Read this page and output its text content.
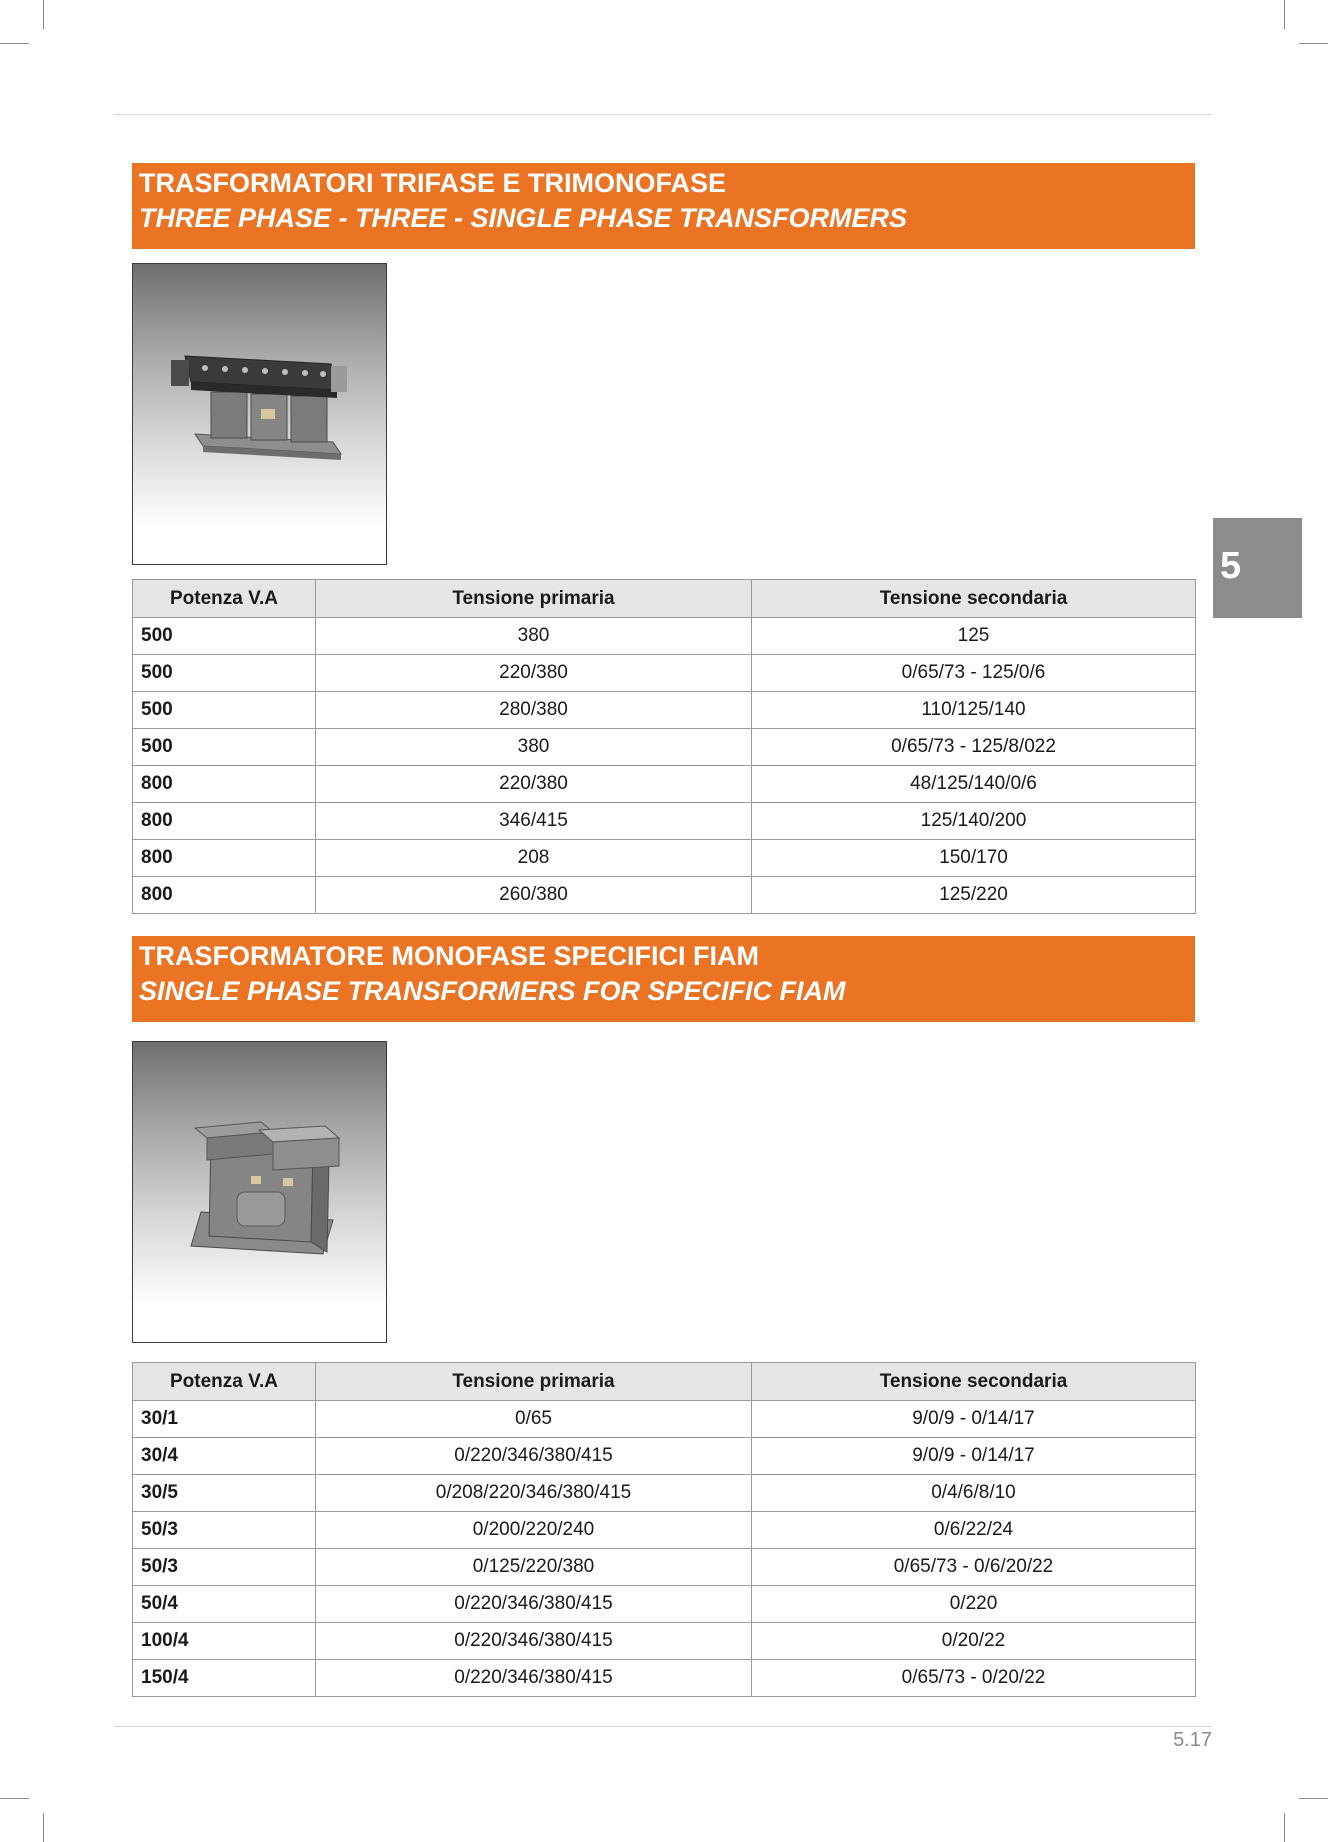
TRASFORMATORI TRIFASE E TRIMONOFASE
THREE PHASE - THREE - SINGLE PHASE TRANSFORMERS
Potenza V.A	Tensione primaria	Tensione secondaria
500	380	125
500	220/380	0/65/73 - 125/0/6
500	280/380	110/125/140
500	380	0/65/73 - 125/8/022
800	220/380	48/125/140/0/6
800	346/415	125/140/200
800	208	150/170
800	260/380	125/220
TRASFORMATORE MONOFASE SPECIFICI FIAM
SINGLE PHASE TRANSFORMERS FOR SPECIFIC FIAM
Potenza V.A	Tensione primaria	Tensione secondaria
30/1	0/65	9/0/9 - 0/14/17
30/4	0/220/346/380/415	9/0/9 - 0/14/17
30/5	0/208/220/346/380/415	0/4/6/8/10
50/3	0/200/220/240	0/6/22/24
50/3	0/125/220/380	0/65/73 - 0/6/20/22
50/4	0/220/346/380/415	0/220
100/4	0/220/346/380/415	0/20/22
150/4	0/220/346/380/415	0/65/73 - 0/20/22
5
5.17
